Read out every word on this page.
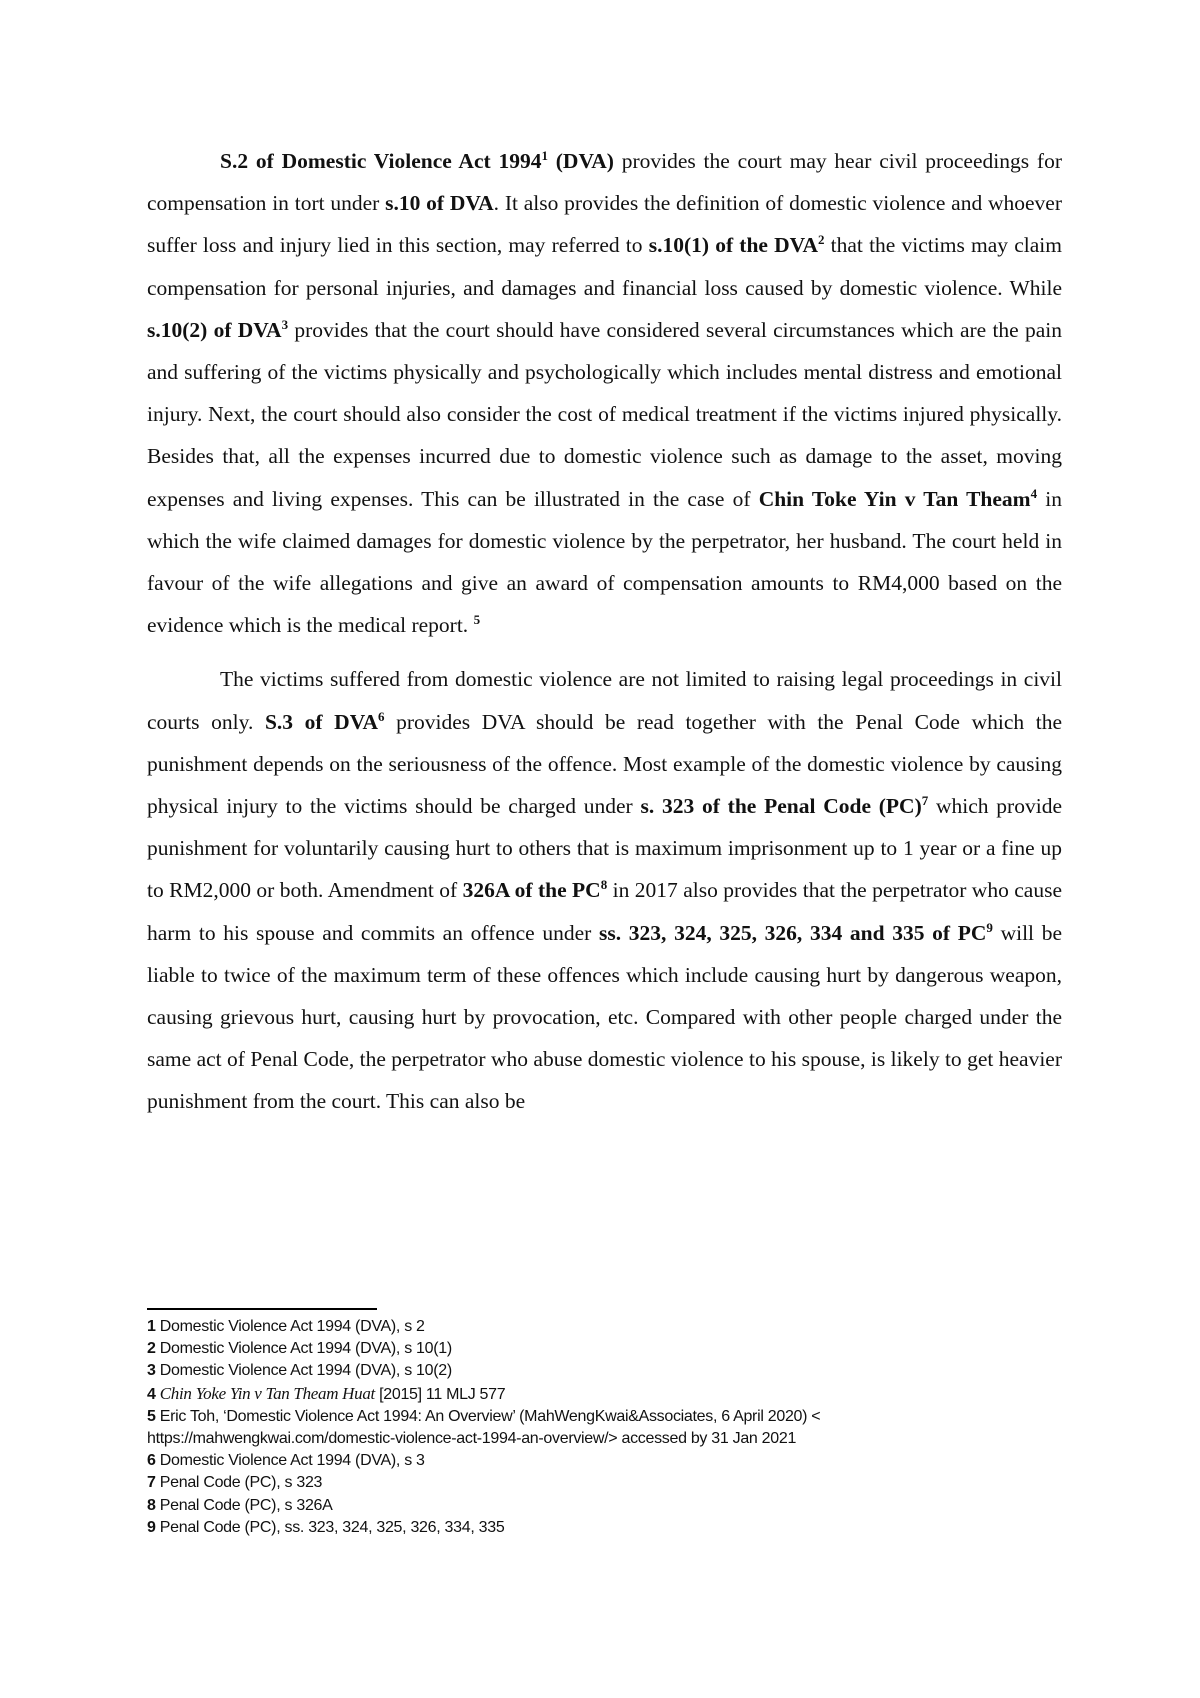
S.2 of Domestic Violence Act 1994$^1$ (DVA) provides the court may hear civil proceedings for compensation in tort under s.10 of DVA. It also provides the definition of domestic violence and whoever suffer loss and injury lied in this section, may referred to s.10(1) of the DVA$^2$ that the victims may claim compensation for personal injuries, and damages and financial loss caused by domestic violence. While s.10(2) of DVA$^3$ provides that the court should have considered several circumstances which are the pain and suffering of the victims physically and psychologically which includes mental distress and emotional injury. Next, the court should also consider the cost of medical treatment if the victims injured physically. Besides that, all the expenses incurred due to domestic violence such as damage to the asset, moving expenses and living expenses. This can be illustrated in the case of Chin Toke Yin v Tan Theam$^4$ in which the wife claimed damages for domestic violence by the perpetrator, her husband. The court held in favour of the wife allegations and give an award of compensation amounts to RM4,000 based on the evidence which is the medical report. $^5$

The victims suffered from domestic violence are not limited to raising legal proceedings in civil courts only. S.3 of DVA$^6$ provides DVA should be read together with the Penal Code which the punishment depends on the seriousness of the offence. Most example of the domestic violence by causing physical injury to the victims should be charged under s. 323 of the Penal Code (PC)$^7$ which provide punishment for voluntarily causing hurt to others that is maximum imprisonment up to 1 year or a fine up to RM2,000 or both. Amendment of 326A of the $PC^8$ in 2017 also provides that the perpetrator who cause harm to his spouse and commits an offence under ss. 323, 324, 325, 326, 334 and 335 of $PC^9$ will be liable to twice of the maximum term of these offences which include causing hurt by dangerous weapon, causing grievous hurt, causing hurt by provocation, etc. Compared with other people charged under the same act of Penal Code, the perpetrator who abuse domestic violence to his spouse, is likely to get heavier punishment from the court. This can also be

1 Domestic Violence Act 1994 (DVA), s 2
2 Domestic Violence Act 1994 (DVA), s 10(1)
3 Domestic Violence Act 1994 (DVA), s 10(2)
4 Chin Yoke Yin v Tan Theam Huat [2015] 11 MLJ 577
5 Eric Toh, ‘Domestic Violence Act 1994: An Overview’ (MahWengKwai&Associates, 6 April 2020) <
https://mahwengkwai.com/domestic-violence-act-1994-an-overview/> accessed by 31 Jan 2021
6 Domestic Violence Act 1994 (DVA), s 3
7 Penal Code (PC), s 323
8 Penal Code (PC), s 326A
9 Penal Code (PC), ss. 323, 324, 325, 326, 334, 335
